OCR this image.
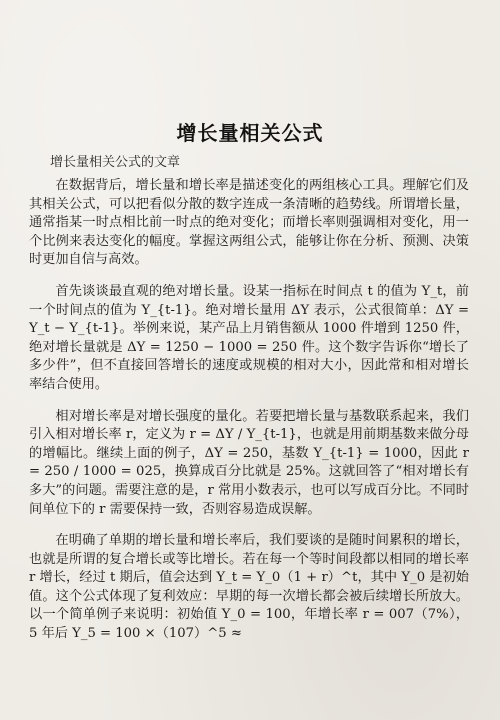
增长量相关公式
增长量相关公式的文章

在数据背后，增长量和增长率是描述变化的两组核心工具。理解它们及其相关公式，可以把看似分散的数字连成一条清晰的趋势线。所谓增长量，通常指某一时点相比前一时点的绝对变化；而增长率则强调相对变化，用一个比例来表达变化的幅度。掌握这两组公式，能够让你在分析、预测、决策时更加自信与高效。

首先谈谈最直观的绝对增长量。设某一指标在时间点 t 的值为 Y_t，前一个时间点的值为 Y_{t-1}。绝对增长量用 ΔY 表示，公式很简单：ΔY = Y_t − Y_{t-1}。举例来说，某产品上月销售额从 1000 件增到 1250 件，绝对增长量就是 ΔY = 1250 − 1000 = 250 件。这个数字告诉你“增长了多少件”，但不直接回答增长的速度或规模的相对大小，因此常和相对增长率结合使用。

相对增长率是对增长强度的量化。若要把增长量与基数联系起来，我们引入相对增长率 r，定义为 r = ΔY / Y_{t-1}，也就是用前期基数来做分母的增幅比。继续上面的例子，ΔY = 250，基数 Y_{t-1} = 1000，因此 r = 250 / 1000 = 025，换算成百分比就是 25%。这就回答了“相对增长有多大”的问题。需要注意的是，r 常用小数表示，也可以写成百分比。不同时间单位下的 r 需要保持一致，否则容易造成误解。

在明确了单期的增长量和增长率后，我们要谈的是随时间累积的增长，也就是所谓的复合增长或等比增长。若在每一个等时间段都以相同的增长率 r 增长，经过 t 期后，值会达到 Y_t = Y_0（1 + r）^t，其中 Y_0 是初始值。这个公式体现了复利效应：早期的每一次增长都会被后续增长所放大。以一个简单例子来说明：初始值 Y_0 = 100，年增长率 r = 007（7%），5 年后 Y_5 = 100 ×（107）^5 ≈
